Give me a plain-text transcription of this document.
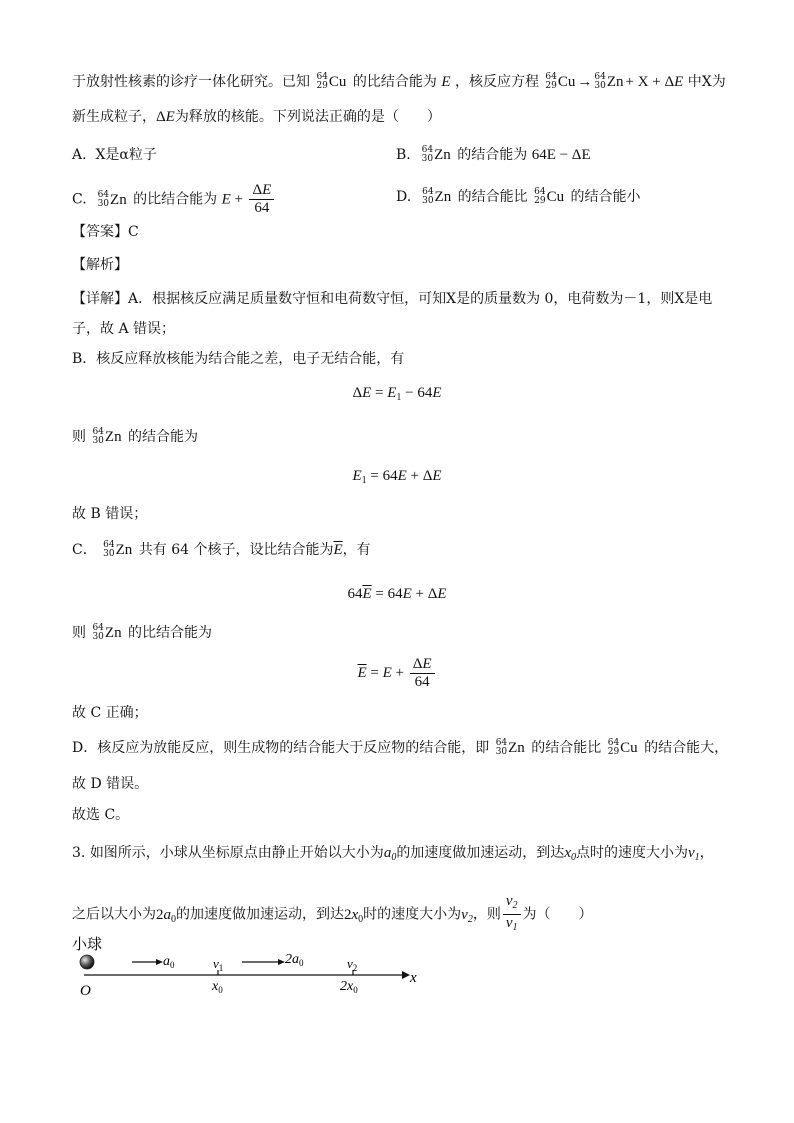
于放射性核素的诊疗一体化研究。已知 64
29 Cu 的比结合能为 E ，核反应方程 64
29 Cu → 64
30 Zn + X + ΔE 中X为
新生成粒子，ΔE为释放的核能。下列说法正确的是（　　）
A. X是α粒子	B. 64
30 Zn 的结合能为 64E − ΔE
C. 64
30 Zn 的比结合能为 $E + \frac{\Delta E}{64}$	D. 64
30 Zn 的结合能比 64
29 Cu 的结合能小
【答案】C
【解析】
【详解】A．根据核反应满足质量数守恒和电荷数守恒，可知X是的质量数为 0，电荷数为－1，则X是电
子，故 A 错误；
B．核反应释放核能为结合能之差，电子无结合能，有
$\Delta E = E_1 - 64E$
则 64
30 Zn 的结合能为
$E_1 = 64E + \Delta E$
故 B 错误；
C． 64
30 Zn 共有 64 个核子，设比结合能为$\overline{E}$，有
$64\overline{E} = 64E + \Delta E$
则 64
30 Zn 的比结合能为
$\overline{E} = E + \frac{\Delta E}{64}$
故 C 正确；
D．核反应为放能反应，则生成物的结合能大于反应物的结合能，即 64
30 Zn 的结合能比 64
29 Cu 的结合能大，
故 D 错误。
故选 C。
3. 如图所示，小球从坐标原点由静止开始以大小为$a_0$的加速度做加速运动，到达$x_0$点时的速度大小为$v_1$，
之后以大小为$2a_0$的加速度做加速运动，到达$2x_0$时的速度大小为$v_2$，则 $\frac{v_2}{v_1}$ 为（　　）
小球
x
O
$a_0$	$v_1$
$x_0$
$2a_0$	$v_2$
$2x_0$
